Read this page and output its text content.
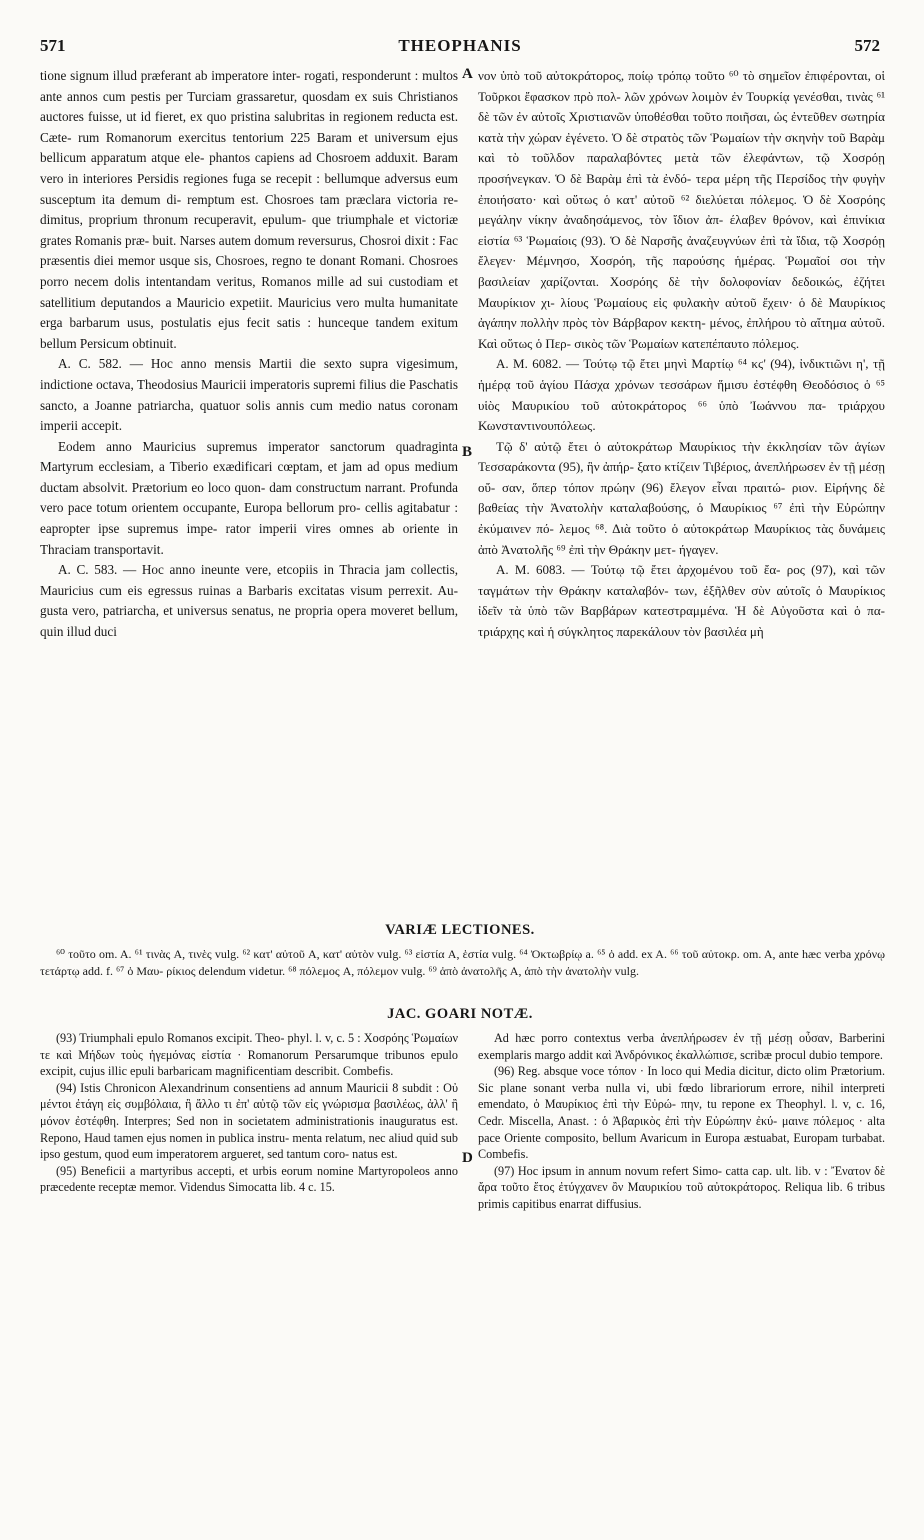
571	THEOPHANIS	572
A
B
D

tione signum illud præferant ab imperatore inter- rogati, responderunt : multos ante annos cum pestis per Turciam grassaretur, quosdam ex suis Christianos auctores fuisse, ut id fieret, ex quo pristina salubritas in regionem reducta est. Cæte- rum Romanorum exercitus tentorium 225 Baram et universum ejus bellicum apparatum atque ele- phantos capiens ad Chosroem adduxit. Baram vero in interiores Persidis regiones fuga se recepit : bellumque adversus eum susceptum ita demum di- remptum est. Chosroes tam præclara victoria re- dimitus, proprium thronum recuperavit, epulum- que triumphale et victoriæ grates Romanis præ- buit. Narses autem domum reversurus, Chosroi dixit : Fac præsentis diei memor usque sis, Chosroes, regno te donant Romani. Chosroes porro necem dolis intentandam veritus, Romanos mille ad sui custodiam et satellitium deputandos a Mauricio expetiit. Mauricius vero multa humanitate erga barbarum usus, postulatis ejus fecit satis : hunceque tandem exitum bellum Persicum obtinuit.

A. C. 582. — Hoc anno mensis Martii die sexto supra vigesimum, indictione octava, Theodosius Mauricii imperatoris supremi filius die Paschatis sancto, a Joanne patriarcha, quatuor solis annis cum medio natus coronam imperii accepit.

Eodem anno Mauricius supremus imperator sanctorum quadraginta Martyrum ecclesiam, a Tiberio exædificari cœptam, et jam ad opus medium ductam absolvit. Prætorium eo loco quon- dam constructum narrant. Profunda vero pace totum orientem occupante, Europa bellorum pro- cellis agitabatur : eapropter ipse supremus impe- rator imperii vires omnes ab oriente in Thraciam transportavit.

A. C. 583. — Hoc anno ineunte vere, etcopiis in Thracia jam collectis, Mauricius cum eis egressus ruinas a Barbaris excitatas visum perrexit. Au- gusta vero, patriarcha, et universus senatus, ne propria opera moveret bellum, quin illud duci

νον ὑπὸ τοῦ αὐτοκράτορος, ποίῳ τρόπῳ τοῦτο ⁶⁰ τὸ σημεῖον ἐπιφέρονται, οἱ Τοῦρκοι ἔφασκον πρὸ πολ- λῶν χρόνων λοιμὸν ἐν Τουρκίᾳ γενέσθαι, τινὰς ⁶¹ δὲ τῶν ἐν αὐτοῖς Χριστιανῶν ὑποθέσθαι τοῦτο ποιῆσαι, ὡς ἐντεῦθεν σωτηρία κατὰ τὴν χώραν ἐγένετο. Ὁ δὲ στρατὸς τῶν Ῥωμαίων τὴν σκηνὴν τοῦ Βαρὰμ καὶ τὸ τοῦλδον παραλαβόντες μετὰ τῶν ἐλεφάντων, τῷ Χοσρόῃ προσήνεγκαν. Ὁ δὲ Βαρὰμ ἐπὶ τὰ ἐνδό- τερα μέρη τῆς Περσίδος τὴν φυγὴν ἐποιήσατο· καὶ οὕτως ὁ κατ' αὐτοῦ ⁶² διελύεται πόλεμος. Ὁ δὲ Χοσρόης μεγάλην νίκην ἀναδησάμενος, τὸν ἴδιον ἀπ- έλαβεν θρόνον, καὶ ἐπινίκια εἱστία ⁶³ Ῥωμαίοις (93). Ὁ δὲ Ναρσῆς ἀναζευγνύων ἐπὶ τὰ ἴδια, τῷ Χοσρόῃ ἔλεγεν· Μέμνησο, Χοσρόη, τῆς παρούσης ἡμέρας. Ῥωμαῖοί σοι τὴν βασιλείαν χαρίζονται. Χοσρόης δὲ τὴν δολοφονίαν δεδοικώς, ἐζήτει Μαυρίκιον χι- λίους Ῥωμαίους εἰς φυλακὴν αὐτοῦ ἔχειν· ὁ δὲ Μαυρίκιος ἀγάπην πολλὴν πρὸς τὸν Βάρβαρον κεκτη- μένος, ἐπλήρου τὸ αἴτημα αὐτοῦ. Καὶ οὕτως ὁ Περ- σικὸς τῶν Ῥωμαίων κατεπέπαυτο πόλεμος.

A. M. 6082. — Τούτῳ τῷ ἔτει μηνὶ Μαρτίῳ ⁶⁴ κϛ' (94), ἰνδικτιῶνι η', τῇ ἡμέρᾳ τοῦ ἁγίου Πάσχα χρόνων τεσσάρων ἥμισυ ἐστέφθη Θεοδόσιος ὁ ⁶⁵ υἱὸς Μαυρικίου τοῦ αὐτοκράτορος ⁶⁶ ὑπὸ Ἰωάννου πα- τριάρχου Κωνσταντινουπόλεως.

Τῷ δ' αὐτῷ ἔτει ὁ αὐτοκράτωρ Μαυρίκιος τὴν ἐκκλησίαν τῶν ἁγίων Τεσσαράκοντα (95), ἣν ἀπήρ- ξατο κτίζειν Τιβέριος, ἀνεπλήρωσεν ἐν τῇ μέσῃ οὔ- σαν, ὅπερ τόπον πρώην (96) ἔλεγον εἶναι πραιτώ- ριον. Εἰρήνης δὲ βαθείας τὴν Ἀνατολὴν καταλαβούσης, ὁ Μαυρίκιος ⁶⁷ ἐπὶ τὴν Εὐρώπην ἐκύμαινεν πό- λεμος ⁶⁸. Διὰ τοῦτο ὁ αὐτοκράτωρ Μαυρίκιος τὰς δυνάμεις ἀπὸ Ἀνατολῆς ⁶⁹ ἐπὶ τὴν Θράκην μετ- ήγαγεν.

A. M. 6083. — Τούτῳ τῷ ἔτει ἀρχομένου τοῦ ἔα- ρος (97), καὶ τῶν ταγμάτων τὴν Θράκην καταλαβόν- των, ἐξῆλθεν σὺν αὐτοῖς ὁ Μαυρίκιος ἰδεῖν τὰ ὑπὸ τῶν Βαρβάρων κατεστραμμένα. Ἡ δὲ Αὐγοῦστα καὶ ὁ πα- τριάρχης καὶ ἡ σύγκλητος παρεκάλουν τὸν βασιλέα μὴ

VARIÆ LECTIONES.

⁶⁰ τοῦτο om. A. ⁶¹ τινὰς A, τινὲς vulg. ⁶² κατ' αὐτοῦ A, κατ' αὐτὸν vulg. ⁶³ εἱστία A, ἑστία vulg. ⁶⁴ Ὀκτωβρίῳ a. ⁶⁵ ὁ add. ex A. ⁶⁶ τοῦ αὐτοκρ. om. A, ante hæc verba χρόνῳ τετάρτῳ add. f. ⁶⁷ ὁ Μαυ- ρίκιος delendum videtur. ⁶⁸ πόλεμος A, πόλεμον vulg. ⁶⁹ ἀπὸ ἀνατολῆς A, ἀπὸ τὴν ἀνατολὴν vulg.

JAC. GOARI NOTÆ.

(93) Triumphali epulo Romanos excipit. Theo- phyl. l. v, c. 5 : Χοσρόης Ῥωμαίων τε καὶ Μήδων τοὺς ἡγεμόνας εἱστία · Romanorum Persarumque tribunos epulo excipit, cujus illic epuli barbaricam magnificentiam describit. Combefis.

(94) Istis Chronicon Alexandrinum consentiens ad annum Mauricii 8 subdit : Οὐ μέντοι ἐτάγη εἰς συμβόλαια, ἢ ἄλλο τι ἐπ' αὐτῷ τῶν εἰς γνώρισμα βασιλέως, ἀλλ' ἢ μόνον ἐστέφθη. Interpres; Sed non in societatem administrationis inauguratus est. Repono, Haud tamen ejus nomen in publica instru- menta relatum, nec aliud quid sub ipso gestum, quod eum imperatorem argueret, sed tantum coro- natus est.

(95) Beneficii a martyribus accepti, et urbis eorum nomine Martyropoleos anno præcedente receptæ memor. Videndus Simocatta lib. 4 c. 15.

Ad hæc porro contextus verba ἀνεπλήρωσεν ἐν τῇ μέσῃ οὖσαν, Barberini exemplaris margo addit καὶ Ἀνδρόνικος ἐκαλλώπισε, scribæ procul dubio tempore.

(96) Reg. absque voce τόπον · In loco qui Media dicitur, dicto olim Prætorium. Sic plane sonant verba nulla vi, ubi fœdo librariorum errore, nihil interpreti emendato, ὁ Μαυρίκιος ἐπὶ τὴν Εὐρώ- πην, tu repone ex Theophyl. l. v, c. 16, Cedr. Miscella, Anast. : ὁ Ἀβαρικὸς ἐπὶ τὴν Εὐρώπην ἐκύ- μαινε πόλεμος · alta pace Oriente composito, bellum Avaricum in Europa æstuabat, Europam turbabat. Combefis.

(97) Hoc ipsum in annum novum refert Simo- catta cap. ult. lib. v : Ἔνατον δὲ ἄρα τοῦτο ἔτος ἐτύγχανεν ὂν Μαυρικίου τοῦ αὐτοκράτορος. Reliqua lib. 6 tribus primis capitibus enarrat diffusius.
